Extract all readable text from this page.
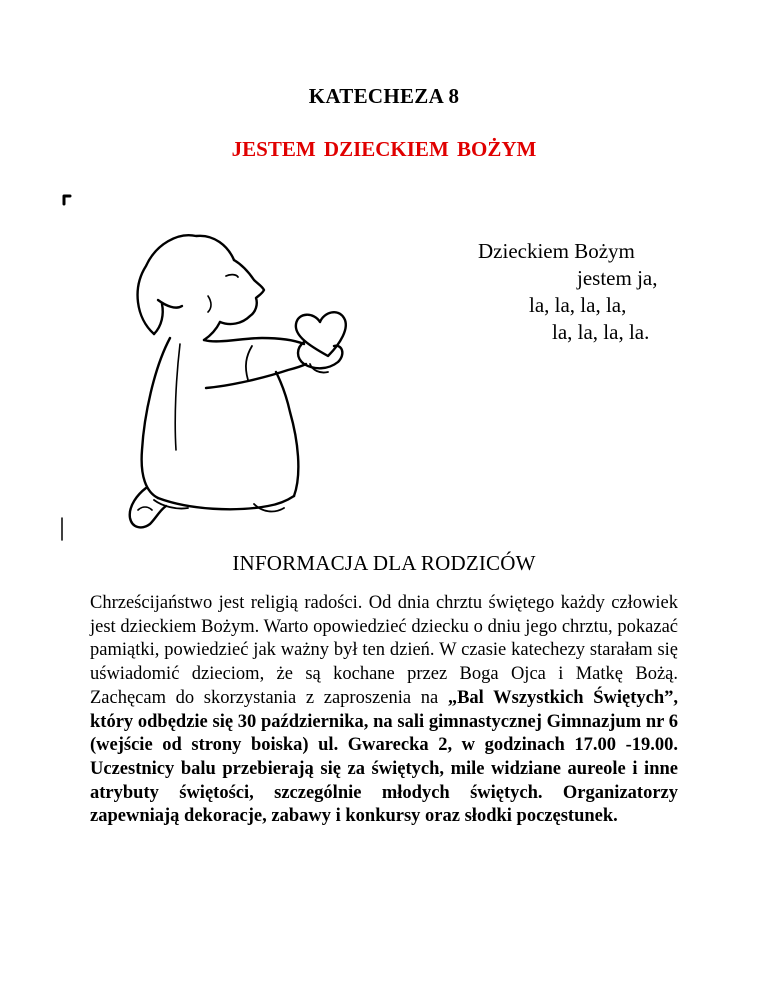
KATECHEZA 8
JESTEM DZIECKIEM BOŻYM
Dzieckiem Bożym
jestem ja,
la, la, la, la,
la, la, la, la.
INFORMACJA DLA RODZICÓW
Chrześcijaństwo jest religią radości. Od dnia chrztu świętego każdy człowiek jest dzieckiem Bożym. Warto opowiedzieć dziecku o dniu jego chrztu, pokazać pamiątki, powiedzieć jak ważny był ten dzień. W czasie katechezy starałam się uświadomić dzieciom, że są kochane przez Boga Ojca i Matkę Bożą. Zachęcam do skorzystania z zaproszenia na „Bal Wszystkich Świętych”, który odbędzie się 30 października, na sali gimnastycznej Gimnazjum nr 6 (wejście od strony boiska) ul. Gwarecka 2, w godzinach 17.00 -19.00. Uczestnicy balu przebierają się za świętych, mile widziane aureole i inne atrybuty świętości, szczególnie młodych świętych. Organizatorzy zapewniają dekoracje, zabawy i konkursy oraz słodki poczęstunek.
